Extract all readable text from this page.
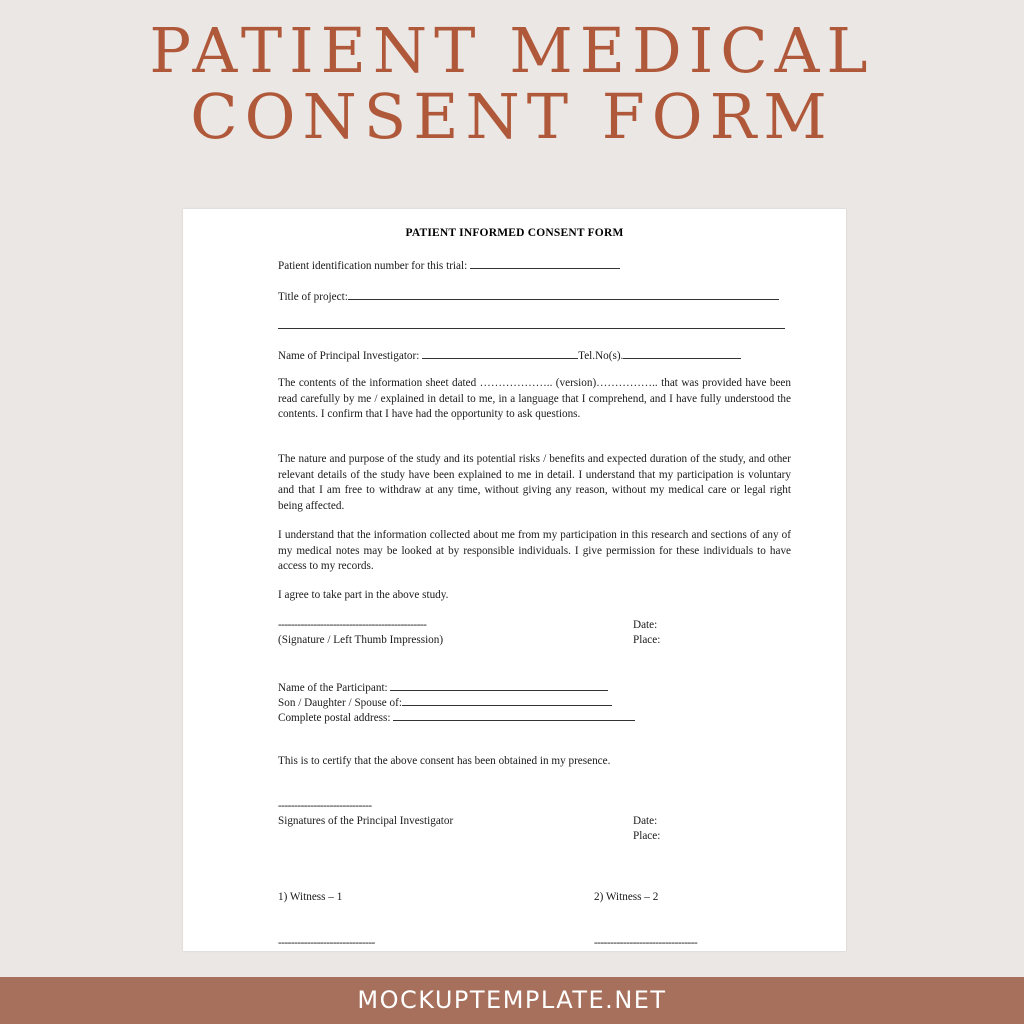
PATIENT MEDICAL
CONSENT FORM
PATIENT INFORMED CONSENT FORM
Patient identification number for this trial:
Title of project:
Name of Principal Investigator:	Tel.No(s).
The contents of the information sheet dated ……………….. (version)…………….. that was provided have been read carefully by me / explained in detail to me, in a language that I comprehend, and I have fully understood the contents. I confirm that I have had the opportunity to ask questions.
The nature and purpose of the study and its potential risks / benefits and expected duration of the study, and other relevant details of the study have been explained to me in detail. I understand that my participation is voluntary and that I am free to withdraw at any time, without giving any reason, without my medical care or legal right being affected.
I understand that the information collected about me from my participation in this research and sections of any of my medical notes may be looked at by responsible individuals. I give permission for these individuals to have access to my records.
I agree to take part in the above study.
----------------------------------------------
(Signature / Left Thumb Impression)
Date:
Place:
Name of the Participant:
Son / Daughter / Spouse of:
Complete postal address:
This is to certify that the above consent has been obtained in my presence.
-----------------------------
Signatures of the Principal Investigator	Date:
Place:
1) Witness – 1	2) Witness – 2
------------------------------	--------------------------------
MOCKUPTEMPLATE.NET
